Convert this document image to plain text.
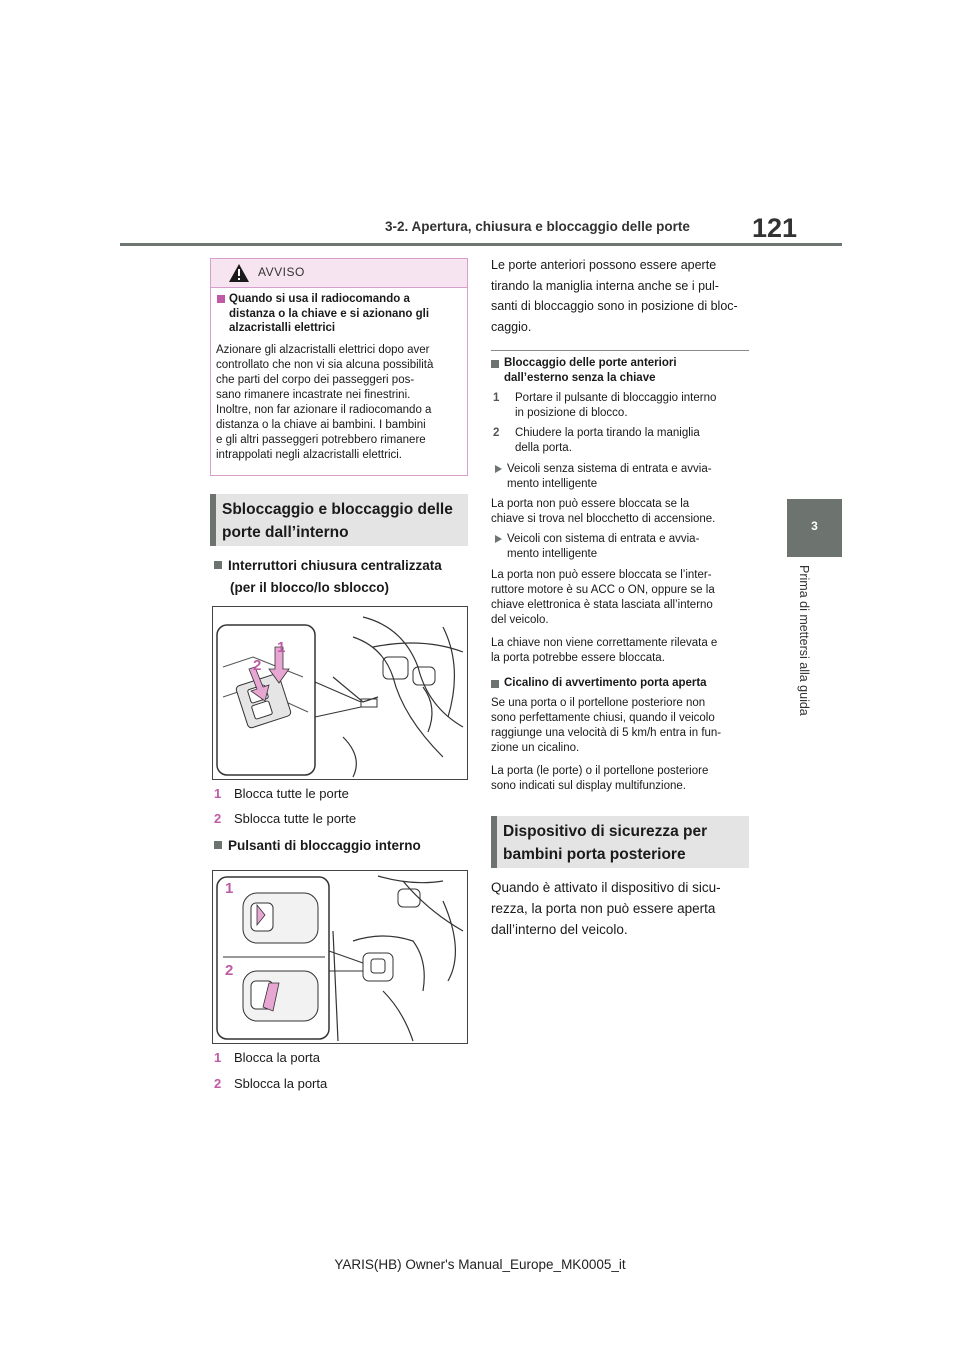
3-2. Apertura, chiusura e bloccaggio delle porte 121
3
Prima di mettersi alla guida
AVVISO
Quando si usa il radiocomando a
distanza o la chiave e si azionano gli
alzacristalli elettrici
Azionare gli alzacristalli elettrici dopo aver
controllato che non vi sia alcuna possibilità
che parti del corpo dei passeggeri pos-
sano rimanere incastrate nei finestrini.
Inoltre, non far azionare il radiocomando a
distanza o la chiave ai bambini. I bambini
e gli altri passeggeri potrebbero rimanere
intrappolati negli alzacristalli elettrici.
Sbloccaggio e bloccaggio delle
porte dall’interno
Interruttori chiusura centralizzata
(per il blocco/lo sblocco)
1
2
1 Blocca tutte le porte
2 Sblocca tutte le porte
Pulsanti di bloccaggio interno
1
2
1 Blocca la porta
2 Sblocca la porta
Le porte anteriori possono essere aperte
tirando la maniglia interna anche se i pul-
santi di bloccaggio sono in posizione di bloc-
caggio.
Bloccaggio delle porte anteriori
dall’esterno senza la chiave
1	Portare il pulsante di bloccaggio interno
in posizione di blocco.
2	Chiudere la porta tirando la maniglia
della porta.
Veicoli senza sistema di entrata e avvia-
mento intelligente
La porta non può essere bloccata se la
chiave si trova nel blocchetto di accensione.
Veicoli con sistema di entrata e avvia-
mento intelligente
La porta non può essere bloccata se l’inter-
ruttore motore è su ACC o ON, oppure se la
chiave elettronica è stata lasciata all’interno
del veicolo.
La chiave non viene correttamente rilevata e
la porta potrebbe essere bloccata.
Cicalino di avvertimento porta aperta
Se una porta o il portellone posteriore non
sono perfettamente chiusi, quando il veicolo
raggiunge una velocità di 5 km/h entra in fun-
zione un cicalino.
La porta (le porte) o il portellone posteriore
sono indicati sul display multifunzione.
Dispositivo di sicurezza per
bambini porta posteriore
Quando è attivato il dispositivo di sicu-
rezza, la porta non può essere aperta
dall’interno del veicolo.
YARIS(HB) Owner's Manual_Europe_MK0005_it
